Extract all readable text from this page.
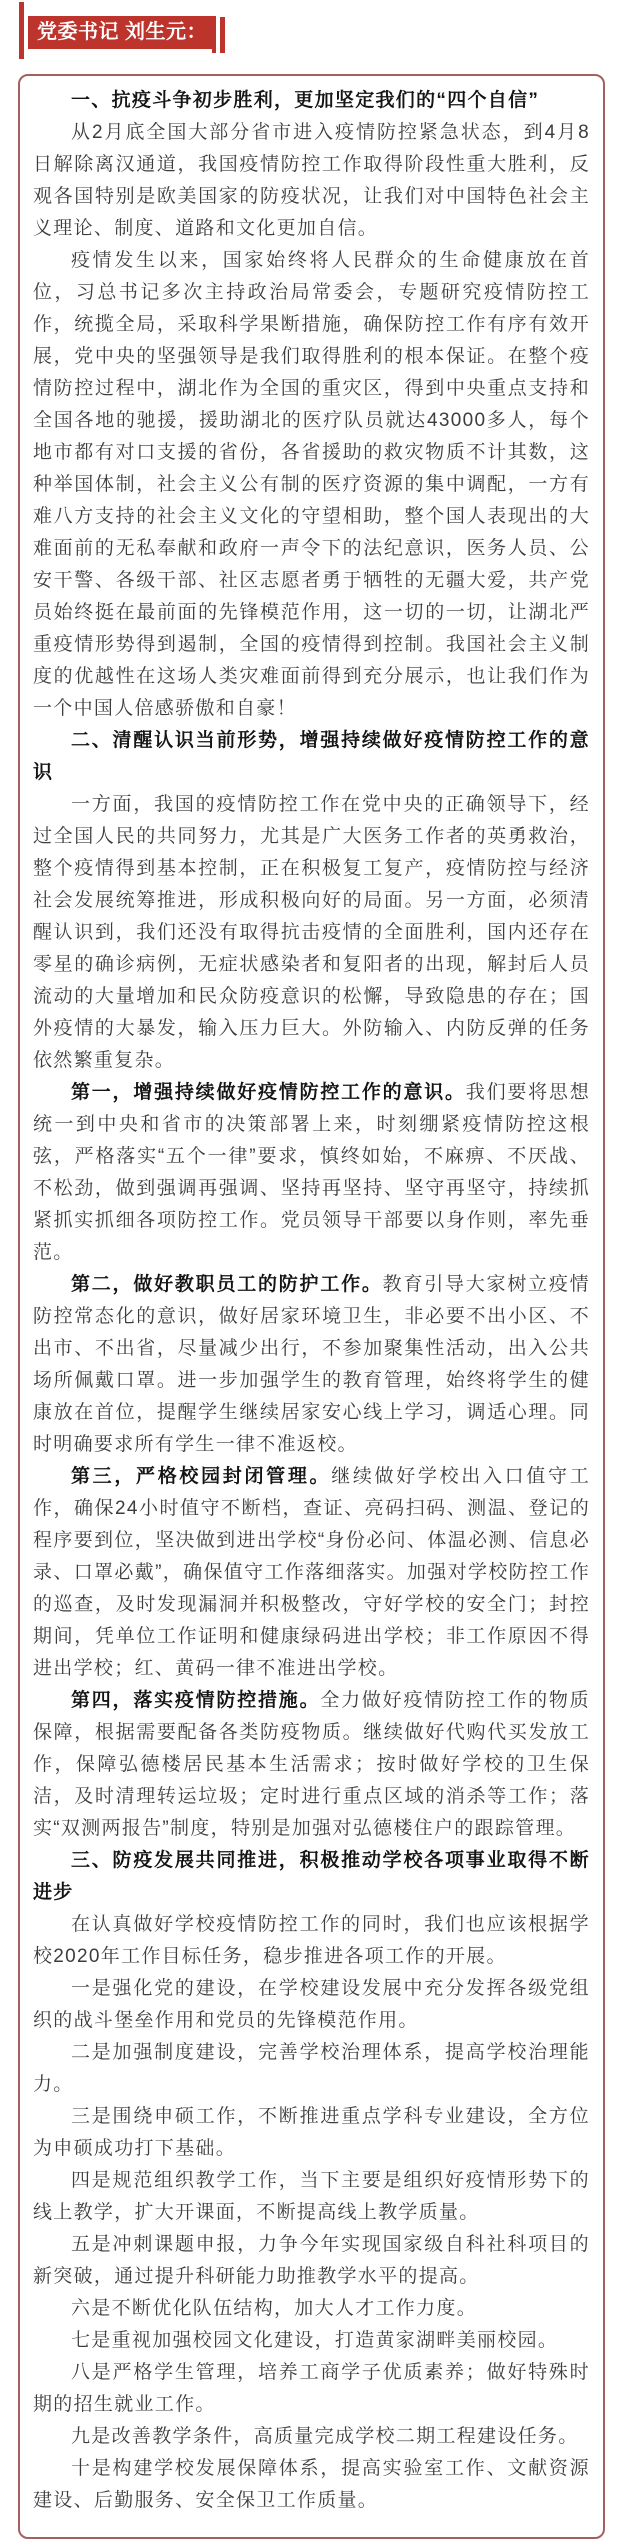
党委书记 刘生元：

一、抗疫斗争初步胜利，更加坚定我们的“四个自信”

从2月底全国大部分省市进入疫情防控紧急状态，到4月8日解除离汉通道，我国疫情防控工作取得阶段性重大胜利，反观各国特别是欧美国家的防疫状况，让我们对中国特色社会主义理论、制度、道路和文化更加自信。

疫情发生以来，国家始终将人民群众的生命健康放在首位，习总书记多次主持政治局常委会，专题研究疫情防控工作，统揽全局，采取科学果断措施，确保防控工作有序有效开展，党中央的坚强领导是我们取得胜利的根本保证。在整个疫情防控过程中，湖北作为全国的重灾区，得到中央重点支持和全国各地的驰援，援助湖北的医疗队员就达43000多人，每个地市都有对口支援的省份，各省援助的救灾物质不计其数，这种举国体制，社会主义公有制的医疗资源的集中调配，一方有难八方支持的社会主义文化的守望相助，整个国人表现出的大难面前的无私奉献和政府一声令下的法纪意识，医务人员、公安干警、各级干部、社区志愿者勇于牺牲的无疆大爱，共产党员始终挺在最前面的先锋模范作用，这一切的一切，让湖北严重疫情形势得到遏制，全国的疫情得到控制。我国社会主义制度的优越性在这场人类灾难面前得到充分展示，也让我们作为一个中国人倍感骄傲和自豪！

二、清醒认识当前形势，增强持续做好疫情防控工作的意识

一方面，我国的疫情防控工作在党中央的正确领导下，经过全国人民的共同努力，尤其是广大医务工作者的英勇救治，整个疫情得到基本控制，正在积极复工复产，疫情防控与经济社会发展统筹推进，形成积极向好的局面。另一方面，必须清醒认识到，我们还没有取得抗击疫情的全面胜利，国内还存在零星的确诊病例，无症状感染者和复阳者的出现，解封后人员流动的大量增加和民众防疫意识的松懈，导致隐患的存在；国外疫情的大暴发，输入压力巨大。外防输入、内防反弹的任务依然繁重复杂。

第一，增强持续做好疫情防控工作的意识。我们要将思想统一到中央和省市的决策部署上来，时刻绷紧疫情防控这根弦，严格落实“五个一律”要求，慎终如始，不麻痹、不厌战、不松劲，做到强调再强调、坚持再坚持、坚守再坚守，持续抓紧抓实抓细各项防控工作。党员领导干部要以身作则，率先垂范。

第二，做好教职员工的防护工作。教育引导大家树立疫情防控常态化的意识，做好居家环境卫生，非必要不出小区、不出市、不出省，尽量减少出行，不参加聚集性活动，出入公共场所佩戴口罩。进一步加强学生的教育管理，始终将学生的健康放在首位，提醒学生继续居家安心线上学习，调适心理。同时明确要求所有学生一律不准返校。

第三，严格校园封闭管理。继续做好学校出入口值守工作，确保24小时值守不断档，查证、亮码扫码、测温、登记的程序要到位，坚决做到进出学校“身份必问、体温必测、信息必录、口罩必戴”，确保值守工作落细落实。加强对学校防控工作的巡查，及时发现漏洞并积极整改，守好学校的安全门；封控期间，凭单位工作证明和健康绿码进出学校；非工作原因不得进出学校；红、黄码一律不准进出学校。

第四，落实疫情防控措施。全力做好疫情防控工作的物质保障，根据需要配备各类防疫物质。继续做好代购代买发放工作，保障弘德楼居民基本生活需求；按时做好学校的卫生保洁，及时清理转运垃圾；定时进行重点区域的消杀等工作；落实“双测两报告”制度，特别是加强对弘德楼住户的跟踪管理。

三、防疫发展共同推进，积极推动学校各项事业取得不断进步

在认真做好学校疫情防控工作的同时，我们也应该根据学校2020年工作目标任务，稳步推进各项工作的开展。

一是强化党的建设，在学校建设发展中充分发挥各级党组织的战斗堡垒作用和党员的先锋模范作用。

二是加强制度建设，完善学校治理体系，提高学校治理能力。

三是围绕申硕工作，不断推进重点学科专业建设，全方位为申硕成功打下基础。

四是规范组织教学工作，当下主要是组织好疫情形势下的线上教学，扩大开课面，不断提高线上教学质量。

五是冲刺课题申报，力争今年实现国家级自科社科项目的新突破，通过提升科研能力助推教学水平的提高。

六是不断优化队伍结构，加大人才工作力度。

七是重视加强校园文化建设，打造黄家湖畔美丽校园。

八是严格学生管理，培养工商学子优质素养；做好特殊时期的招生就业工作。

九是改善教学条件，高质量完成学校二期工程建设任务。

十是构建学校发展保障体系，提高实验室工作、文献资源建设、后勤服务、安全保卫工作质量。
